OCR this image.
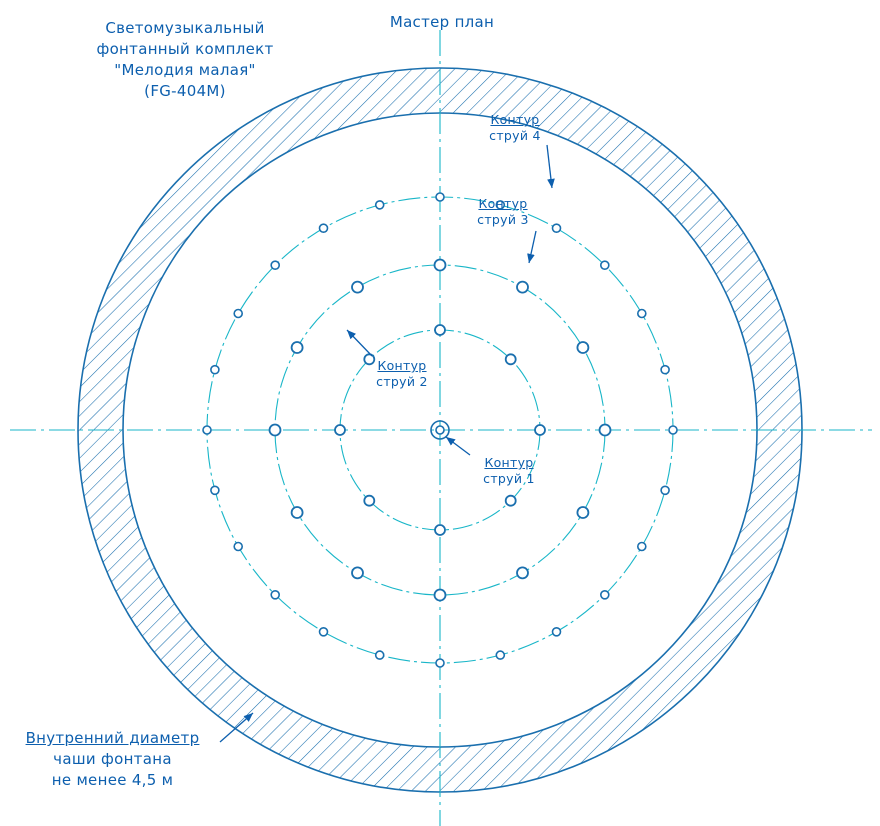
Светомузыкальный
фонтанный комплект
"Мелодия малая"
(FG-404M)
Мастер план
Контур
струй 4
Контур
струй 3
Контур
струй 2
Контур
струй 1
Внутренний диаметр
чаши фонтана
не менее 4,5 м
